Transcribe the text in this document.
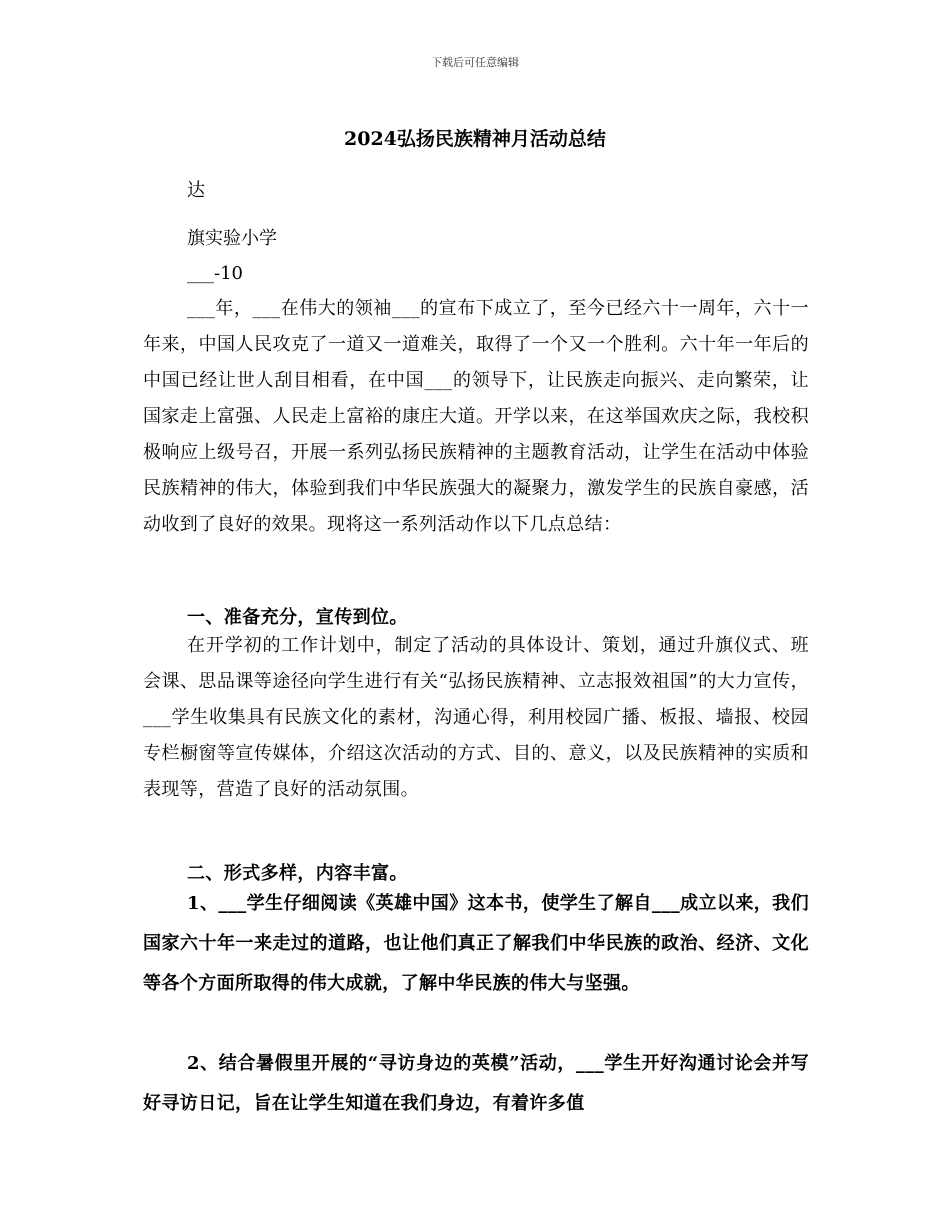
下载后可任意编辑
2024弘扬民族精神月活动总结

达

旗实验小学

___-10

___年，___在伟大的领袖___的宣布下成立了，至今已经六十一周年，六十一年来，中国人民攻克了一道又一道难关，取得了一个又一个胜利。六十年一年后的中国已经让世人刮目相看，在中国___的领导下，让民族走向振兴、走向繁荣，让国家走上富强、人民走上富裕的康庄大道。开学以来，在这举国欢庆之际，我校积极响应上级号召，开展一系列弘扬民族精神的主题教育活动，让学生在活动中体验民族精神的伟大，体验到我们中华民族强大的凝聚力，激发学生的民族自豪感，活动收到了良好的效果。现将这一系列活动作以下几点总结：

一、准备充分，宣传到位。

在开学初的工作计划中，制定了活动的具体设计、策划，通过升旗仪式、班会课、思品课等途径向学生进行有关“弘扬民族精神、立志报效祖国”的大力宣传，___学生收集具有民族文化的素材，沟通心得，利用校园广播、板报、墙报、校园专栏橱窗等宣传媒体，介绍这次活动的方式、目的、意义，以及民族精神的实质和表现等，营造了良好的活动氛围。

二、形式多样，内容丰富。

1、___学生仔细阅读《英雄中国》这本书，使学生了解自___成立以来，我们国家六十年一来走过的道路，也让他们真正了解我们中华民族的政治、经济、文化等各个方面所取得的伟大成就，了解中华民族的伟大与坚强。

2、结合暑假里开展的“寻访身边的英模”活动，___学生开好沟通讨论会并写好寻访日记，旨在让学生知道在我们身边，有着许多值
